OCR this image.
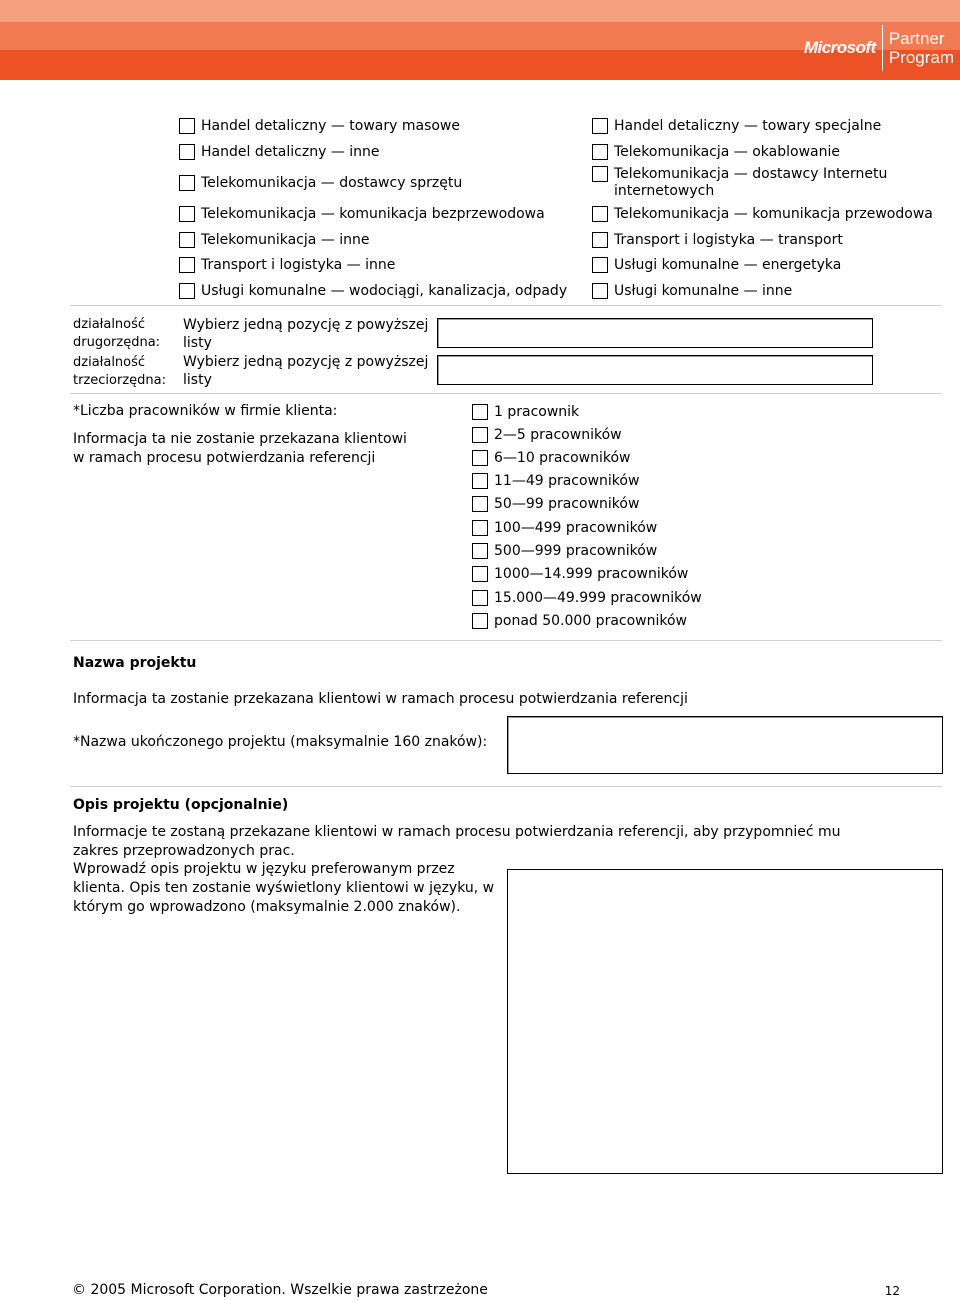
Microsoft Partner
Program
Handel detaliczny — towary masowe
Handel detaliczny — inne
Telekomunikacja — dostawcy sprzętu
Telekomunikacja — komunikacja bezprzewodowa
Telekomunikacja — inne
Transport i logistyka — inne
Usługi komunalne — wodociągi, kanalizacja, odpady
Handel detaliczny — towary specjalne
Telekomunikacja — okablowanie
Telekomunikacja — dostawcy Internetu internetowych
Telekomunikacja — komunikacja przewodowa
Transport i logistyka — transport
Usługi komunalne — energetyka
Usługi komunalne — inne
działalność drugorzędna:
Wybierz jedną pozycję z powyższej listy
działalność trzeciorzędna:
Wybierz jedną pozycję z powyższej listy
*Liczba pracowników w firmie klienta:
Informacja ta nie zostanie przekazana klientowi w ramach procesu potwierdzania referencji
1 pracownik
2—5 pracowników
6—10 pracowników
11—49 pracowników
50—99 pracowników
100—499 pracowników
500—999 pracowników
1000—14.999 pracowników
15.000—49.999 pracowników
ponad 50.000 pracowników
Nazwa projektu
Informacja ta zostanie przekazana klientowi w ramach procesu potwierdzania referencji
*Nazwa ukończonego projektu (maksymalnie 160 znaków):
Opis projektu (opcjonalnie)
Informacje te zostaną przekazane klientowi w ramach procesu potwierdzania referencji, aby przypomnieć mu zakres przeprowadzonych prac.
Wprowadź opis projektu w języku preferowanym przez klienta. Opis ten zostanie wyświetlony klientowi w języku, w którym go wprowadzono (maksymalnie 2.000 znaków).
© 2005 Microsoft Corporation. Wszelkie prawa zastrzeżone	12
